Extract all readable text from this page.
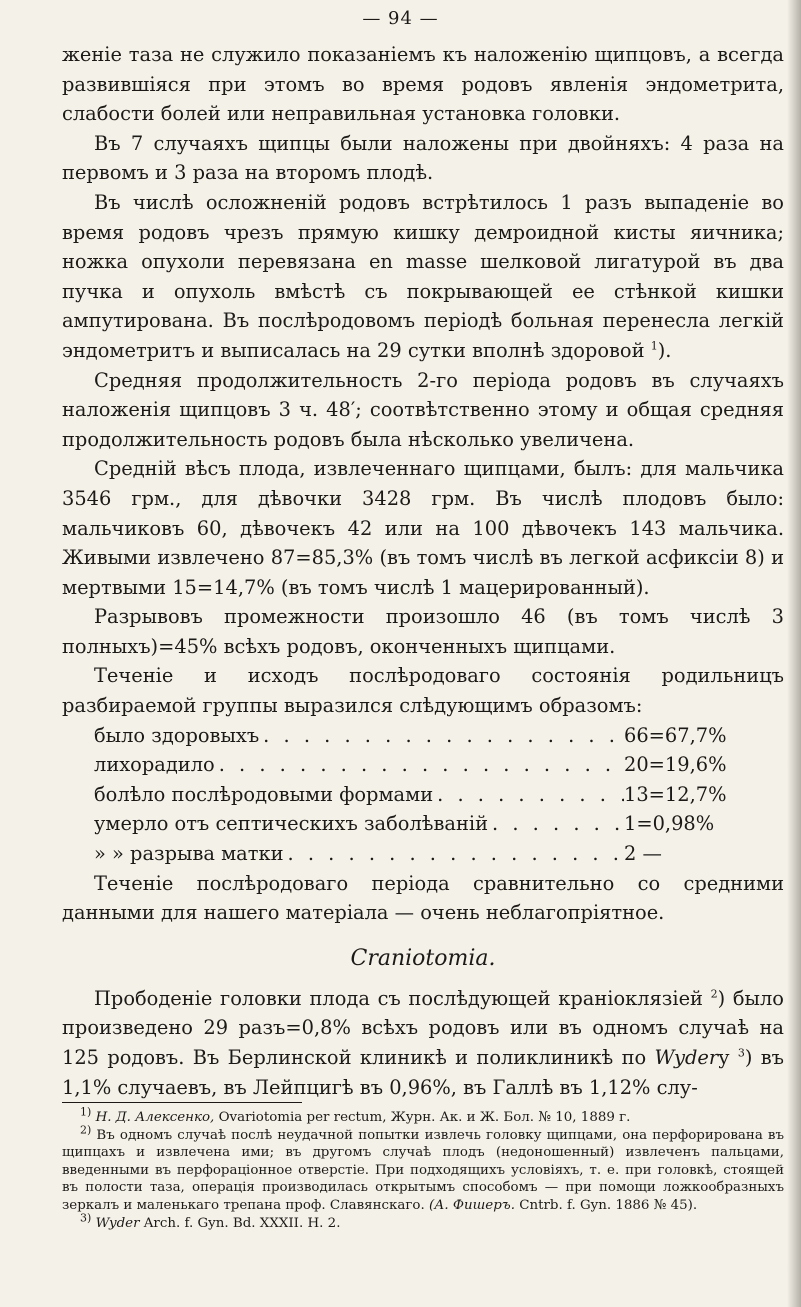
— 94 —

женіе таза не служило показаніемъ къ наложенію щипцовъ, а всегда развившіяся при этомъ во время родовъ явленія эндометрита, слабости болей или неправильная установка головки.

Въ 7 случаяхъ щипцы были наложены при двойняхъ: 4 раза на первомъ и 3 раза на второмъ плодѣ.

Въ числѣ осложненій родовъ встрѣтилось 1 разъ выпаденіе во время родовъ чрезъ прямую кишку демроидной кисты яичника; ножка опухоли перевязана en masse шелковой лигатурой въ два пучка и опухоль вмѣстѣ съ покрывающей ее стѣнкой кишки ампутирована. Въ послѣродовомъ періодѣ больная перенесла легкій эндометритъ и выписалась на 29 сутки вполнѣ здоровой $^1$).

Средняя продолжительность 2-го періода родовъ въ случаяхъ наложенія щипцовъ 3 ч. 48′; соотвѣтственно этому и общая средняя продолжительность родовъ была нѣсколько увеличена.

Средній вѣсъ плода, извлеченнаго щипцами, былъ: для мальчика 3546 грм., для дѣвочки 3428 грм. Въ числѣ плодовъ было: мальчиковъ 60, дѣвочекъ 42 или на 100 дѣвочекъ 143 мальчика. Живыми извлечено 87=85,3% (въ томъ числѣ въ легкой асфиксіи 8) и мертвыми 15=14,7% (въ томъ числѣ 1 мацерированный).

Разрывовъ промежности произошло 46 (въ томъ числѣ 3 полныхъ)=45% всѣхъ родовъ, оконченныхъ щипцами.

Теченіе и исходъ послѣродоваго состоянія родильницъ разбираемой группы выразился слѣдующимъ образомъ:

было здоровыхъ . . .	66=67,7%
лихорадило . . .	20=19,6%
болѣло послѣродовыми формами . . .	13=12,7%
умерло отъ септическихъ заболѣваній . . .	1=0,98%
» » разрыва матки . . .	2 —

Теченіе послѣродоваго періода сравнительно со средними данными для нашего матеріала — очень неблагопріятное.

Craniotomia.

Прободеніе головки плода съ послѣдующей краніоклязіей $^2$) было произведено 29 разъ=0,8% всѣхъ родовъ или въ одномъ случаѣ на 125 родовъ. Въ Берлинской клиникѣ и поликлиникѣ по Wyderу $^3$) въ 1,1% случаевъ, въ Лейпцигѣ въ 0,96%, въ Галлѣ въ 1,12% слу-

$^{1)}$ Н. Д. Алексенко, Ovariotomia per rectum, Журн. Ак. и Ж. Бол. № 10, 1889 г.

$^{2)}$ Въ одномъ случаѣ послѣ неудачной попытки извлечь головку щипцами, она перфорирована въ щипцахъ и извлечена ими; въ другомъ случаѣ плодъ (недоношенный) извлеченъ пальцами, введенными въ перфораціонное отверстіе. При подходящихъ условіяхъ, т. е. при головкѣ, стоящей въ полости таза, операція производилась открытымъ способомъ — при помощи ложкообразныхъ зеркалъ и маленькаго трепана проф. Славянскаго. (А. Фишеръ. Cntrb. f. Gyn. 1886 № 45).

$^{3)}$ Wyder Arch. f. Gyn. Bd. XXXII. H. 2.
